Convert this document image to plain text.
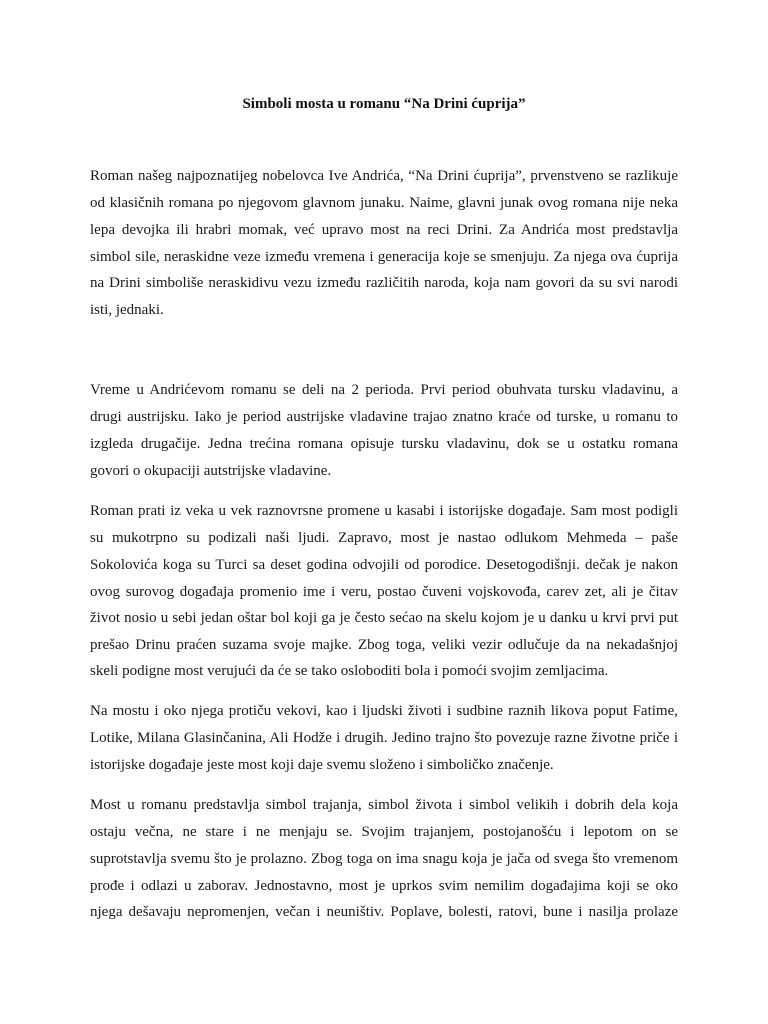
Simboli mosta u romanu “Na Drini ćuprija”

Roman našeg najpoznatijeg nobelovca Ive Andrića, “Na Drini ćuprija”, prvenstveno se razlikuje

od klasičnih romana po njegovom glavnom junaku. Naime, glavni junak ovog romana nije neka

lepa devojka ili hrabri momak, već upravo most na reci Drini. Za Andrića most predstavlja

simbol sile, neraskidne veze između vremena i generacija koje se smenjuju. Za njega ova ćuprija

na Drini simboliše neraskidivu vezu između različitih naroda, koja nam govori da su svi narodi

isti, jednaki.

Vreme u Andrićevom romanu se deli na 2 perioda. Prvi period obuhvata tursku vladavinu, a

drugi austrijsku. Iako je period austrijske vladavine trajao znatno kraće od turske, u romanu to

izgleda drugačije. Jedna trećina romana opisuje tursku vladavinu, dok se u ostatku romana

govori o okupaciji autstrijske vladavine.

Roman prati iz veka u vek raznovrsne promene u kasabi i istorijske događaje. Sam most podigli

su mukotrpno su podizali naši ljudi. Zapravo, most je nastao odlukom Mehmeda – paše

Sokolovića koga su Turci sa deset godina odvojili od porodice. Desetogodišnji. dečak je nakon

ovog surovog događaja promenio ime i veru, postao čuveni vojskovođa, carev zet, ali je čitav

život nosio u sebi jedan oštar bol koji ga je često sećao na skelu kojom je u danku u krvi prvi put

prešao Drinu praćen suzama svoje majke. Zbog toga, veliki vezir odlučuje da na nekadašnjoj

skeli podigne most verujući da će se tako osloboditi bola i pomoći svojim zemljacima.

Na mostu i oko njega protiču vekovi, kao i ljudski životi i sudbine raznih likova poput Fatime,

Lotike, Milana Glasinčanina, Ali Hodže i drugih. Jedino trajno što povezuje razne životne priče i

istorijske događaje jeste most koji daje svemu složeno i simboličko značenje.

Most u romanu predstavlja simbol trajanja, simbol života i simbol velikih i dobrih dela koja

ostaju večna, ne stare i ne menjaju se. Svojim trajanjem, postojanošću i lepotom on se

suprotstavlja svemu što je prolazno. Zbog toga on ima snagu koja je jača od svega što vremenom

prođe i odlazi u zaborav. Jednostavno, most je uprkos svim nemilim događajima koji se oko

njega dešavaju nepromenjen, večan i neuništiv. Poplave, bolesti, ratovi, bune i nasilja prolaze
